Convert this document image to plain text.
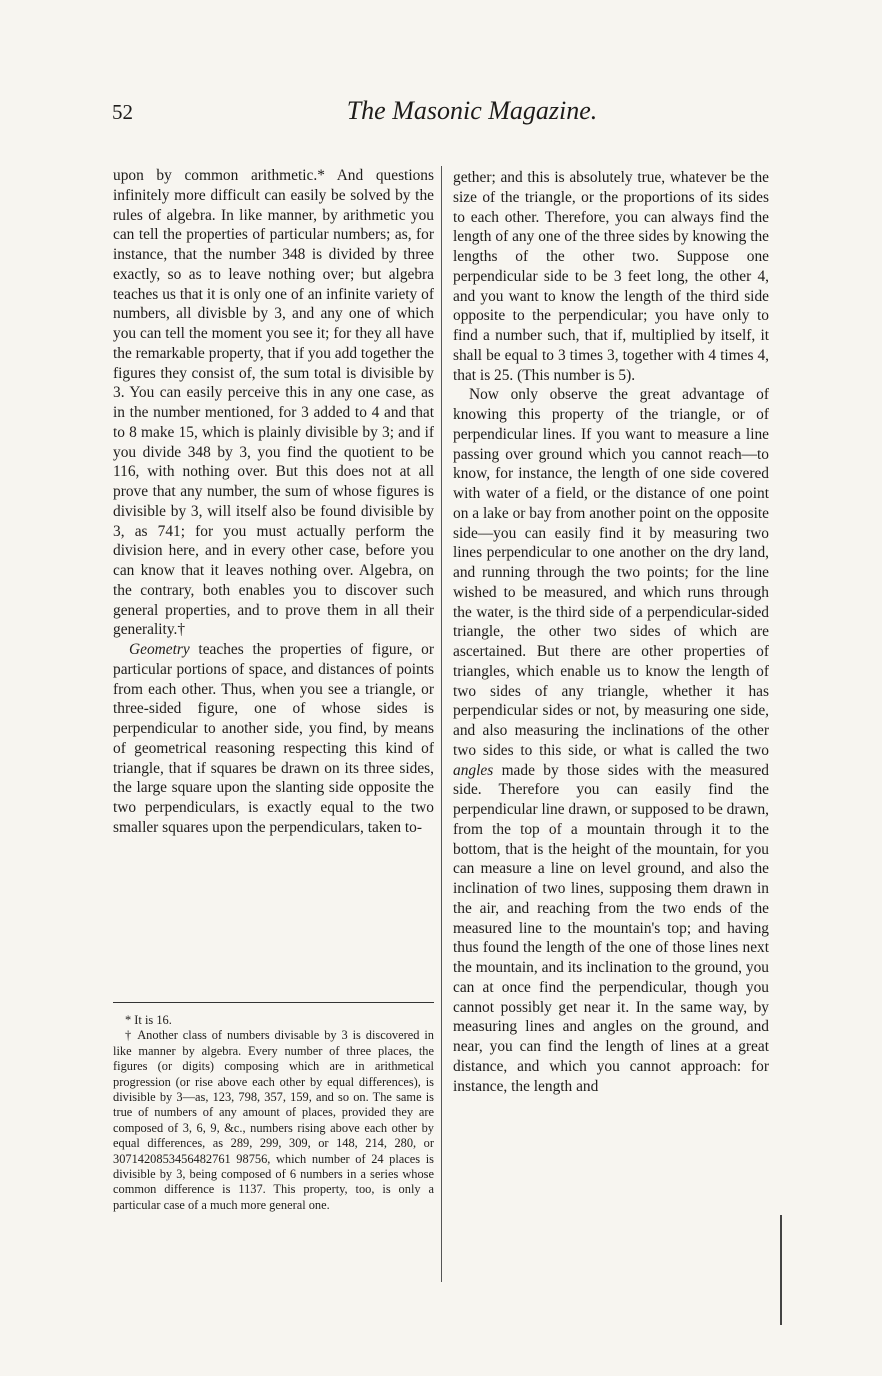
52	The Masonic Magazine.

upon by common arithmetic.* And questions infinitely more difficult can easily be solved by the rules of algebra. In like manner, by arithmetic you can tell the properties of particular numbers; as, for instance, that the number 348 is divided by three exactly, so as to leave nothing over; but algebra teaches us that it is only one of an infinite variety of numbers, all divisble by 3, and any one of which you can tell the moment you see it; for they all have the remarkable property, that if you add together the figures they consist of, the sum total is divisible by 3. You can easily perceive this in any one case, as in the number mentioned, for 3 added to 4 and that to 8 make 15, which is plainly divisible by 3; and if you divide 348 by 3, you find the quotient to be 116, with nothing over. But this does not at all prove that any number, the sum of whose figures is divisible by 3, will itself also be found divisible by 3, as 741; for you must actually perform the division here, and in every other case, before you can know that it leaves nothing over. Algebra, on the contrary, both enables you to discover such general properties, and to prove them in all their generality.†

Geometry teaches the properties of figure, or particular portions of space, and distances of points from each other. Thus, when you see a triangle, or three-sided figure, one of whose sides is perpendicular to another side, you find, by means of geometrical reasoning respecting this kind of triangle, that if squares be drawn on its three sides, the large square upon the slanting side opposite the two perpendiculars, is exactly equal to the two smaller squares upon the perpendiculars, taken to-

* It is 16.

† Another class of numbers divisable by 3 is discovered in like manner by algebra. Every number of three places, the figures (or digits) composing which are in arithmetical progression (or rise above each other by equal differences), is divisible by 3—as, 123, 798, 357, 159, and so on. The same is true of numbers of any amount of places, provided they are composed of 3, 6, 9, &c., numbers rising above each other by equal differences, as 289, 299, 309, or 148, 214, 280, or 3071420853456482761 98756, which number of 24 places is divisible by 3, being composed of 6 numbers in a series whose common difference is 1137. This property, too, is only a particular case of a much more general one.

gether; and this is absolutely true, whatever be the size of the triangle, or the proportions of its sides to each other. Therefore, you can always find the length of any one of the three sides by knowing the lengths of the other two. Suppose one perpendicular side to be 3 feet long, the other 4, and you want to know the length of the third side opposite to the perpendicular; you have only to find a number such, that if, multiplied by itself, it shall be equal to 3 times 3, together with 4 times 4, that is 25. (This number is 5).

Now only observe the great advantage of knowing this property of the triangle, or of perpendicular lines. If you want to measure a line passing over ground which you cannot reach—to know, for instance, the length of one side covered with water of a field, or the distance of one point on a lake or bay from another point on the opposite side—you can easily find it by measuring two lines perpendicular to one another on the dry land, and running through the two points; for the line wished to be measured, and which runs through the water, is the third side of a perpendicular-sided triangle, the other two sides of which are ascertained. But there are other properties of triangles, which enable us to know the length of two sides of any triangle, whether it has perpendicular sides or not, by measuring one side, and also measuring the inclinations of the other two sides to this side, or what is called the two angles made by those sides with the measured side. Therefore you can easily find the perpendicular line drawn, or supposed to be drawn, from the top of a mountain through it to the bottom, that is the height of the mountain, for you can measure a line on level ground, and also the inclination of two lines, supposing them drawn in the air, and reaching from the two ends of the measured line to the mountain's top; and having thus found the length of the one of those lines next the mountain, and its inclination to the ground, you can at once find the perpendicular, though you cannot possibly get near it. In the same way, by measuring lines and angles on the ground, and near, you can find the length of lines at a great distance, and which you cannot approach: for instance, the length and
